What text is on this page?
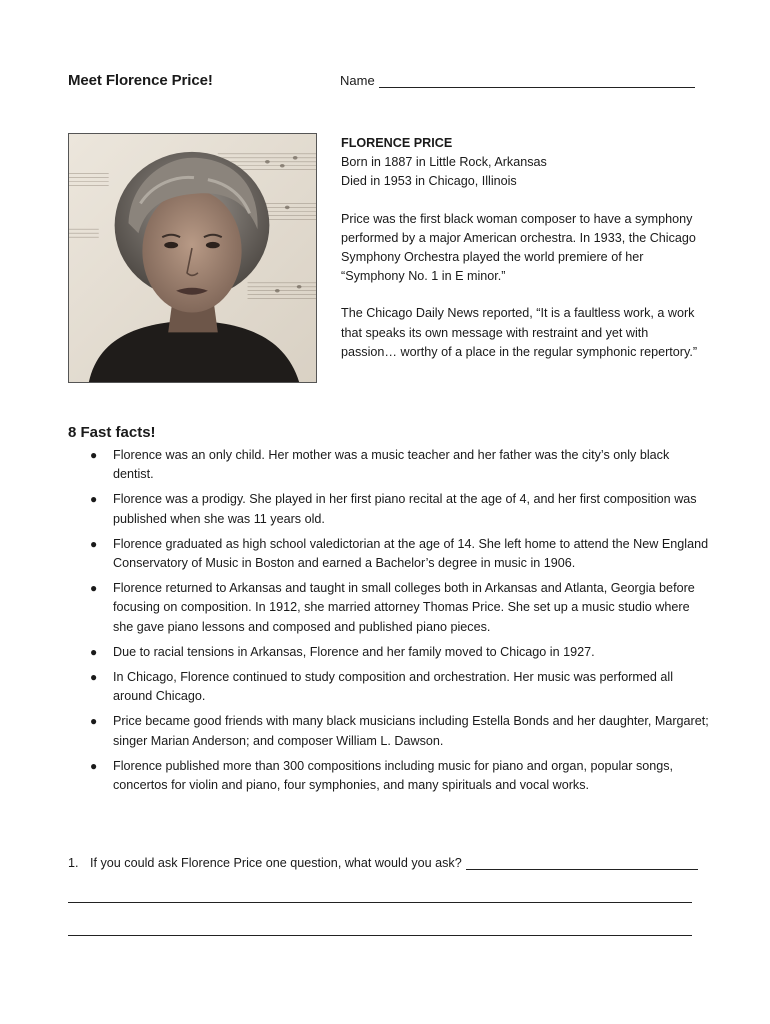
Meet Florence Price!	Name

FLORENCE PRICE

Born in 1887 in Little Rock, Arkansas

Died in 1953 in Chicago, Illinois

Price was the first black woman composer to have a symphony performed by a major American orchestra. In 1933, the Chicago Symphony Orchestra played the world premiere of her “Symphony No. 1 in E minor.”

The Chicago Daily News reported, “It is a faultless work, a work that speaks its own message with restraint and yet with passion… worthy of a place in the regular symphonic repertory.”

8 Fast facts!
● Florence was an only child. Her mother was a music teacher and her father was the city’s only black dentist.
● Florence was a prodigy. She played in her first piano recital at the age of 4, and her first composition was published when she was 11 years old.
● Florence graduated as high school valedictorian at the age of 14. She left home to attend the New England Conservatory of Music in Boston and earned a Bachelor’s degree in music in 1906.
● Florence returned to Arkansas and taught in small colleges both in Arkansas and Atlanta, Georgia before focusing on composition. In 1912, she married attorney Thomas Price. She set up a music studio where she gave piano lessons and composed and published piano pieces.
● Due to racial tensions in Arkansas, Florence and her family moved to Chicago in 1927.
● In Chicago, Florence continued to study composition and orchestration. Her music was performed all around Chicago.
● Price became good friends with many black musicians including Estella Bonds and her daughter, Margaret; singer Marian Anderson; and composer William L. Dawson.
● Florence published more than 300 compositions including music for piano and organ, popular songs, concertos for violin and piano, four symphonies, and many spirituals and vocal works.
1. If you could ask Florence Price one question, what would you ask?
